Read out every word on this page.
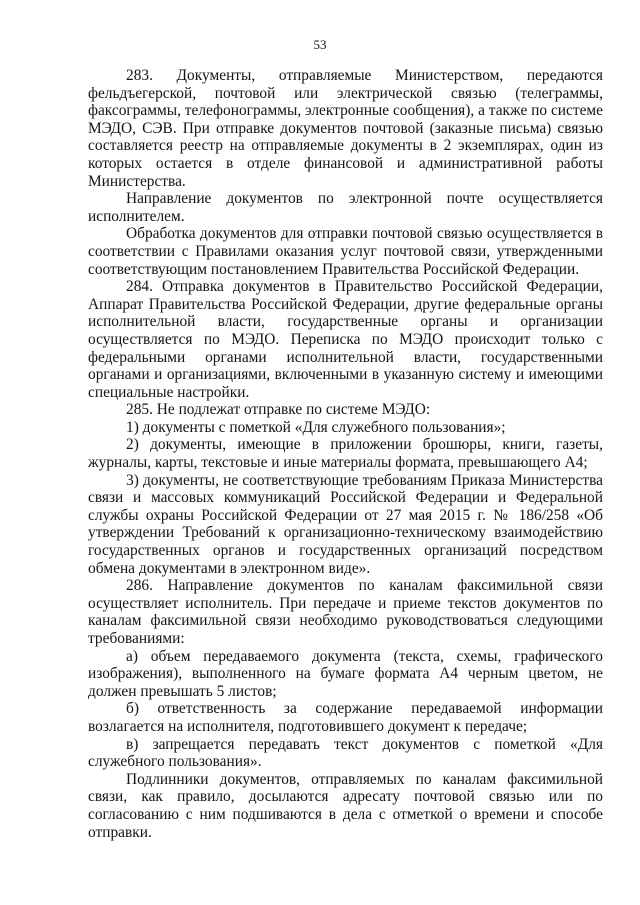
53

283. Документы, отправляемые Министерством, передаются фельдъегерской, почтовой или электрической связью (телеграммы, факсограммы, телефонограммы, электронные сообщения), а также по системе МЭДО, СЭВ. При отправке документов почтовой (заказные письма) связью составляется реестр на отправляемые документы в 2 экземплярах, один из которых остается в отделе финансовой и административной работы Министерства.

Направление документов по электронной почте осуществляется исполнителем.

Обработка документов для отправки почтовой связью осуществляется в соответствии с Правилами оказания услуг почтовой связи, утвержденными соответствующим постановлением Правительства Российской Федерации.

284. Отправка документов в Правительство Российской Федерации, Аппарат Правительства Российской Федерации, другие федеральные органы исполнительной власти, государственные органы и организации осуществляется по МЭДО. Переписка по МЭДО происходит только с федеральными органами исполнительной власти, государственными органами и организациями, включенными в указанную систему и имеющими специальные настройки.

285. Не подлежат отправке по системе МЭДО:

1) документы с пометкой «Для служебного пользования»;

2) документы, имеющие в приложении брошюры, книги, газеты, журналы, карты, текстовые и иные материалы формата, превышающего А4;

3) документы, не соответствующие требованиям Приказа Министерства связи и массовых коммуникаций Российской Федерации и Федеральной службы охраны Российской Федерации от 27 мая 2015 г. № 186/258 «Об утверждении Требований к организационно-техническому взаимодействию государственных органов и государственных организаций посредством обмена документами в электронном виде».

286. Направление документов по каналам факсимильной связи осуществляет исполнитель. При передаче и приеме текстов документов по каналам факсимильной связи необходимо руководствоваться следующими требованиями:

а) объем передаваемого документа (текста, схемы, графического изображения), выполненного на бумаге формата А4 черным цветом, не должен превышать 5 листов;

б) ответственность за содержание передаваемой информации возлагается на исполнителя, подготовившего документ к передаче;

в) запрещается передавать текст документов с пометкой «Для служебного пользования».

Подлинники документов, отправляемых по каналам факсимильной связи, как правило, досылаются адресату почтовой связью или по согласованию с ним подшиваются в дела с отметкой о времени и способе отправки.
